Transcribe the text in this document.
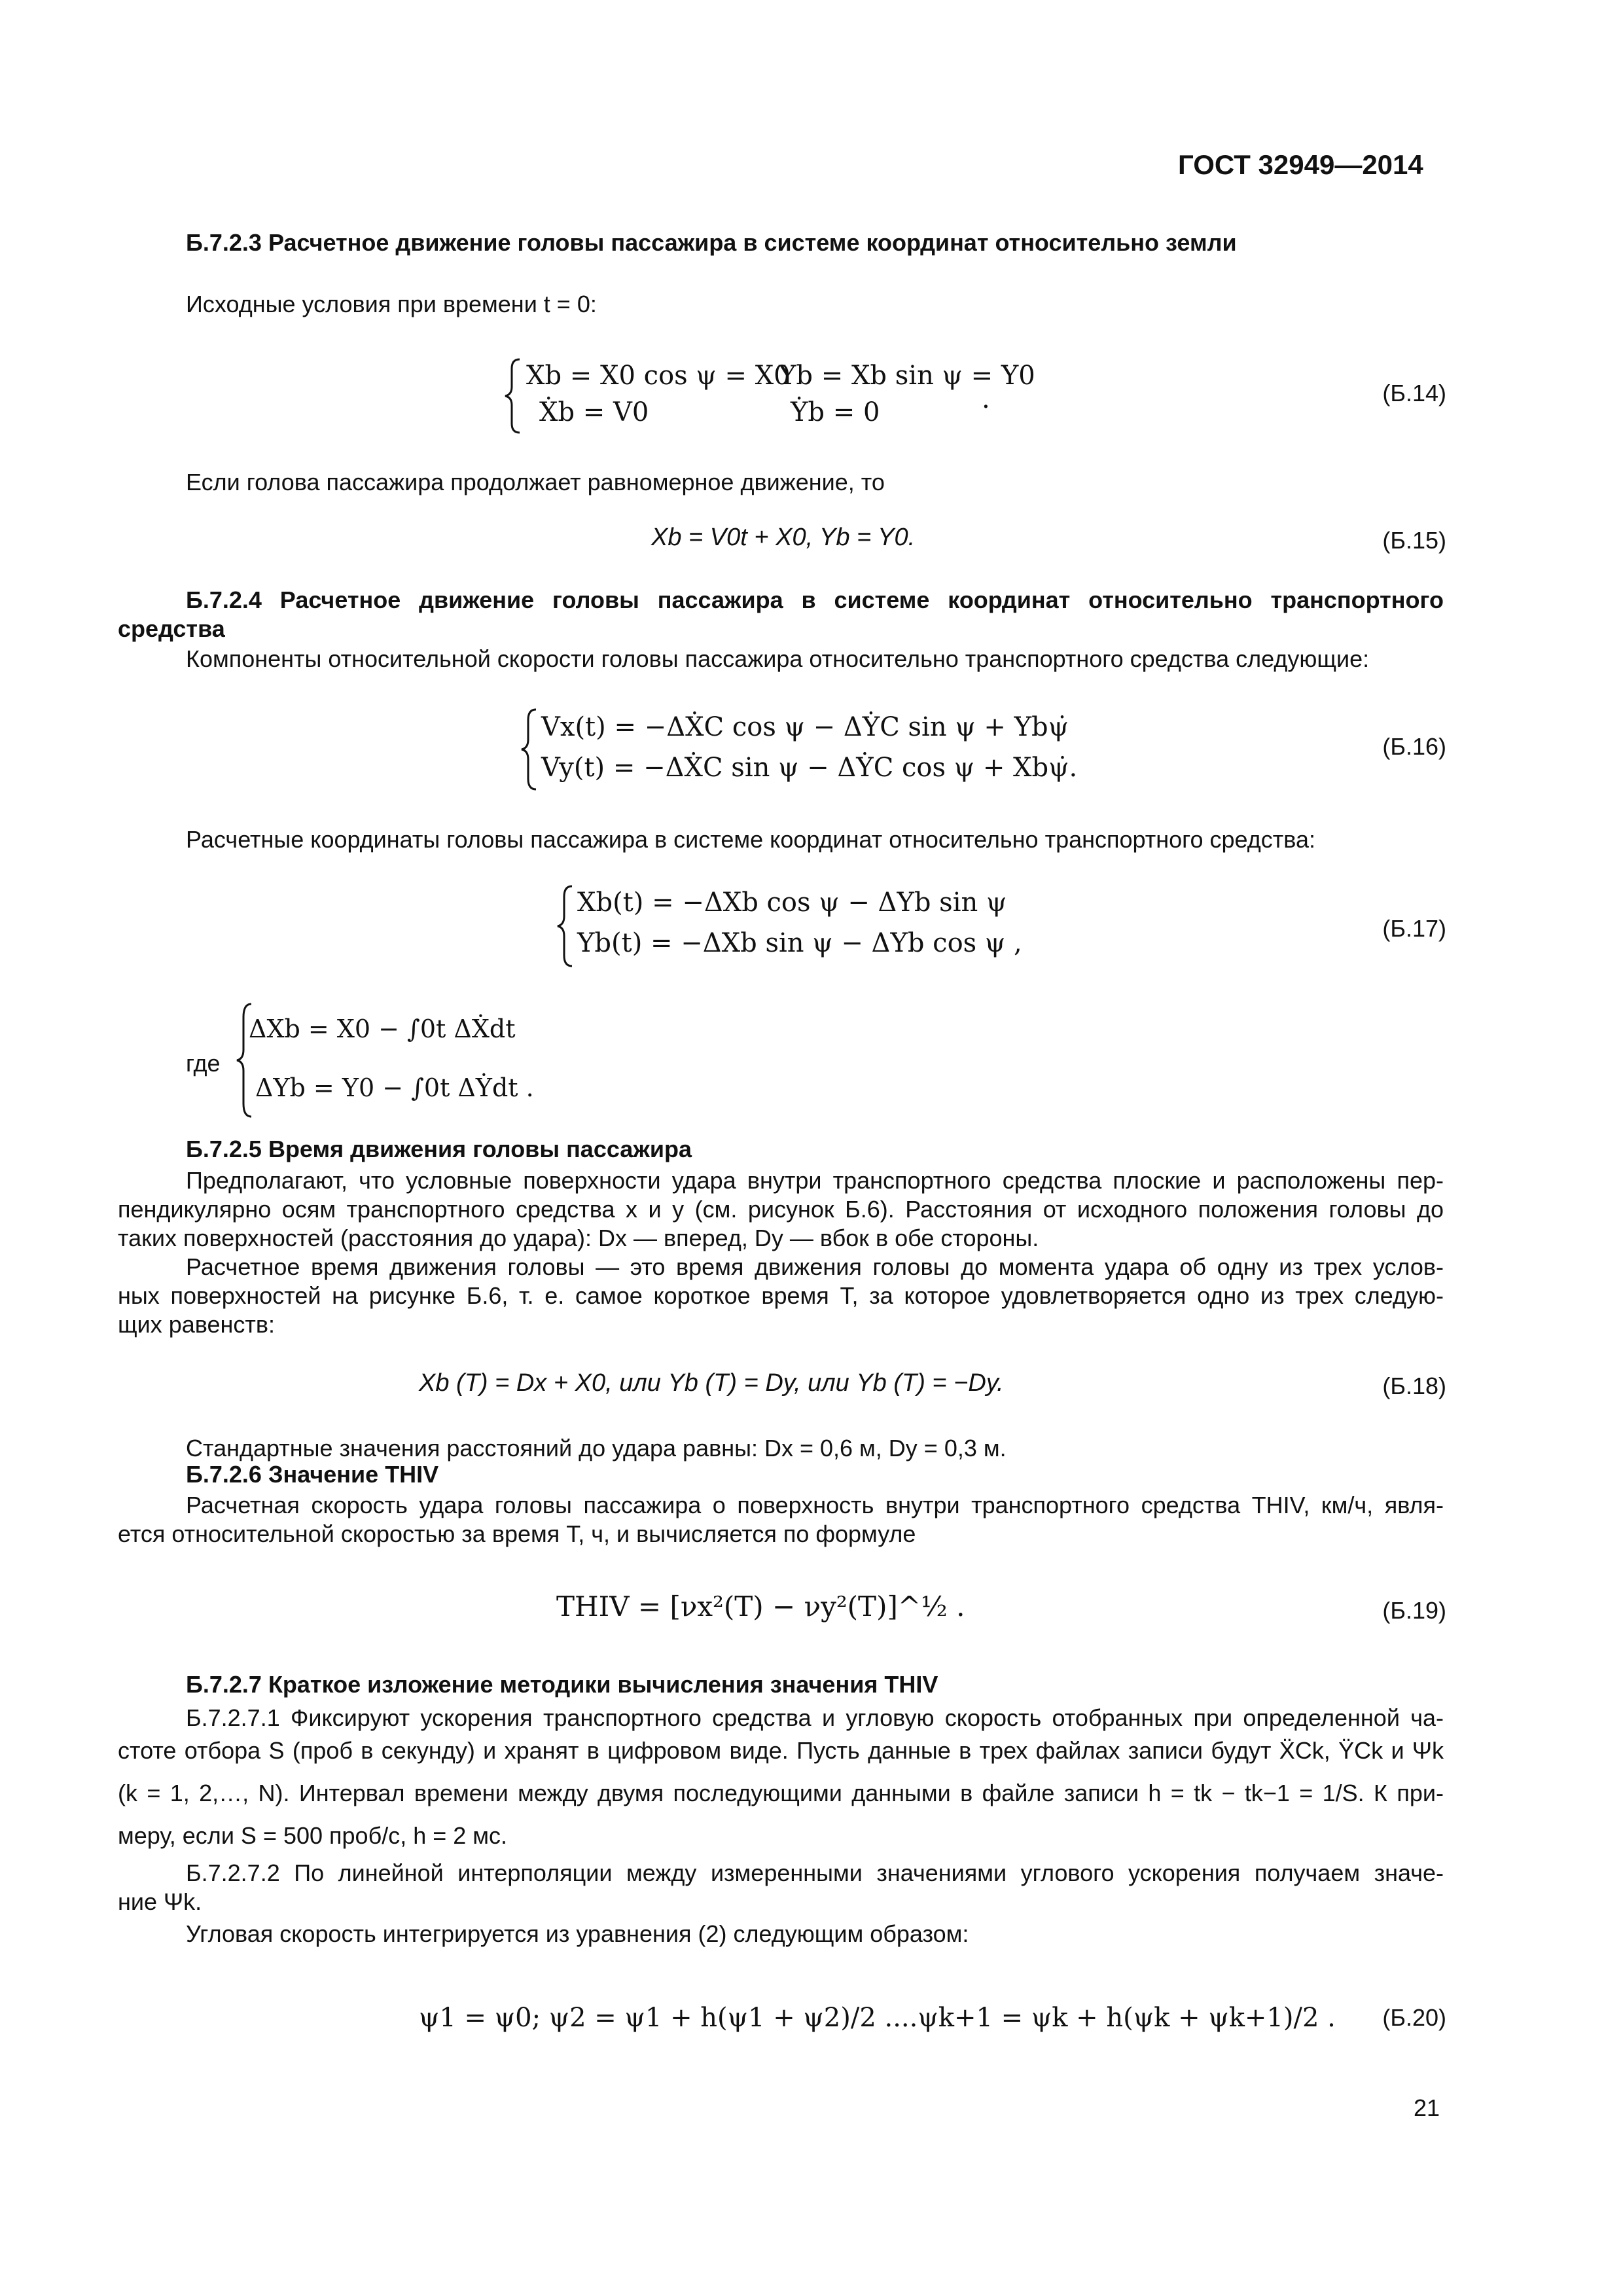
ГОСТ 32949—2014
Б.7.2.3 Расчетное движение головы пассажира в системе координат относительно земли
Исходные условия при времени t = 0:
Xb = X0 cos ψ = X0
Yb = Xb sin ψ = Y0
Ẋb = V0	Ẏb = 0	.	(Б.14)
Если голова пассажира продолжает равномерное движение, то
Xb = V0t + X0, Yb = Y0.	(Б.15)
Б.7.2.4 Расчетное движение головы пассажира в системе координат относительно транспортного
средства
Компоненты относительной скорости головы пассажира относительно транспортного средства следующие:
Vx(t) = −ΔẊC cos ψ − ΔẎC sin ψ + Ybψ̇
Vy(t) = −ΔẊC sin ψ − ΔẎC cos ψ + Xbψ̇.
(Б.16)
Расчетные координаты головы пассажира в системе координат относительно транспортного средства:
Xb(t) = −ΔXb cos ψ − ΔYb sin ψ
Yb(t) = −ΔXb sin ψ − ΔYb cos ψ ,	(Б.17)
где
ΔXb = X0 − ∫0t ΔẊdt
ΔYb = Y0 − ∫0t ΔẎdt .
Б.7.2.5 Время движения головы пассажира
Предполагают, что условные поверхности удара внутри транспортного средства плоские и расположены пер-
пендикулярно осям транспортного средства x и y (см. рисунок Б.6). Расстояния от исходного положения головы до
таких поверхностей (расстояния до удара): Dx — вперед, Dy — вбок в обе стороны.
Расчетное время движения головы — это время движения головы до момента удара об одну из трех услов-
ных поверхностей на рисунке Б.6, т. е. самое короткое время T, за которое удовлетворяется одно из трех следую-
щих равенств:
Xb (T) = Dx + X0, или Yb (T) = Dy, или Yb (T) = −Dy.	(Б.18)
Стандартные значения расстояний до удара равны: Dx = 0,6 м, Dy = 0,3 м.
Б.7.2.6 Значение THIV
Расчетная скорость удара головы пассажира о поверхность внутри транспортного средства THIV, км/ч, явля-
ется относительной скоростью за время T, ч, и вычисляется по формуле
THIV = [νx²(T) − νy²(T)]^½ .	(Б.19)
Б.7.2.7 Краткое изложение методики вычисления значения THIV
Б.7.2.7.1 Фиксируют ускорения транспортного средства и угловую скорость отобранных при определенной ча-
стоте отбора S (проб в секунду) и хранят в цифровом виде. Пусть данные в трех файлах записи будут ẌCk, ŸCk и Ψk
(k = 1, 2,…, N). Интервал времени между двумя последующими данными в файле записи h = tk − tk−1 = 1/S. К при-
меру, если S = 500 проб/с, h = 2 мс.
Б.7.2.7.2 По линейной интерполяции между измеренными значениями углового ускорения получаем значе-
ние Ψk.
Угловая скорость интегрируется из уравнения (2) следующим образом:
ψ1 = ψ0; ψ2 = ψ1 + h(ψ1 + ψ2)/2 ....ψk+1 = ψk + h(ψk + ψk+1)/2 .	(Б.20)
21
